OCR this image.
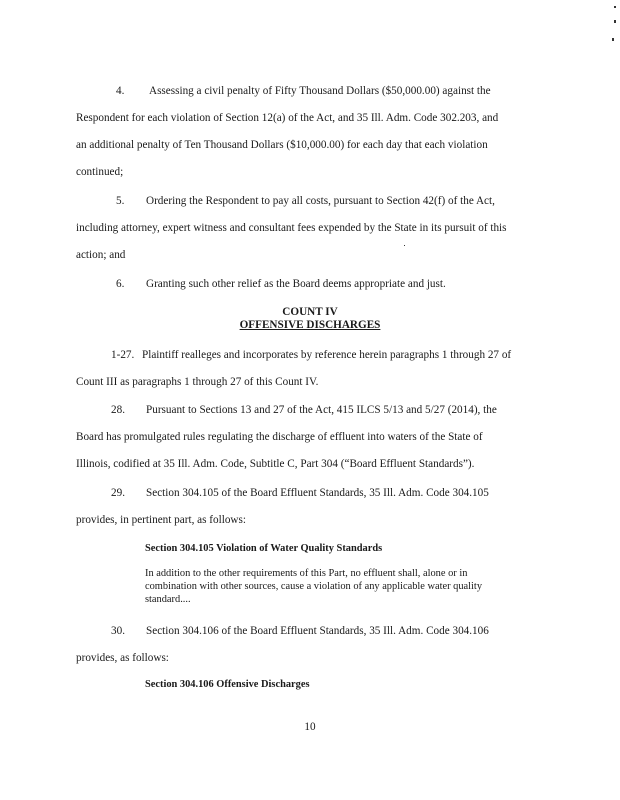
4. Assessing a civil penalty of Fifty Thousand Dollars ($50,000.00) against the
Respondent for each violation of Section 12(a) of the Act, and 35 Ill. Adm. Code 302.203, and
an additional penalty of Ten Thousand Dollars ($10,000.00) for each day that each violation
continued;
5. Ordering the Respondent to pay all costs, pursuant to Section 42(f) of the Act,
including attorney, expert witness and consultant fees expended by the State in its pursuit of this
action; and
6. Granting such other relief as the Board deems appropriate and just.
COUNT IV
OFFENSIVE DISCHARGES
1-27. Plaintiff realleges and incorporates by reference herein paragraphs 1 through 27 of
Count III as paragraphs 1 through 27 of this Count IV.
28. Pursuant to Sections 13 and 27 of the Act, 415 ILCS 5/13 and 5/27 (2014), the
Board has promulgated rules regulating the discharge of effluent into waters of the State of
Illinois, codified at 35 Ill. Adm. Code, Subtitle C, Part 304 (“Board Effluent Standards”).
29. Section 304.105 of the Board Effluent Standards, 35 Ill. Adm. Code 304.105
provides, in pertinent part, as follows:
Section 304.105 Violation of Water Quality Standards
In addition to the other requirements of this Part, no effluent shall, alone or in
combination with other sources, cause a violation of any applicable water quality
standard....
30. Section 304.106 of the Board Effluent Standards, 35 Ill. Adm. Code 304.106
provides, as follows:
Section 304.106 Offensive Discharges
10
